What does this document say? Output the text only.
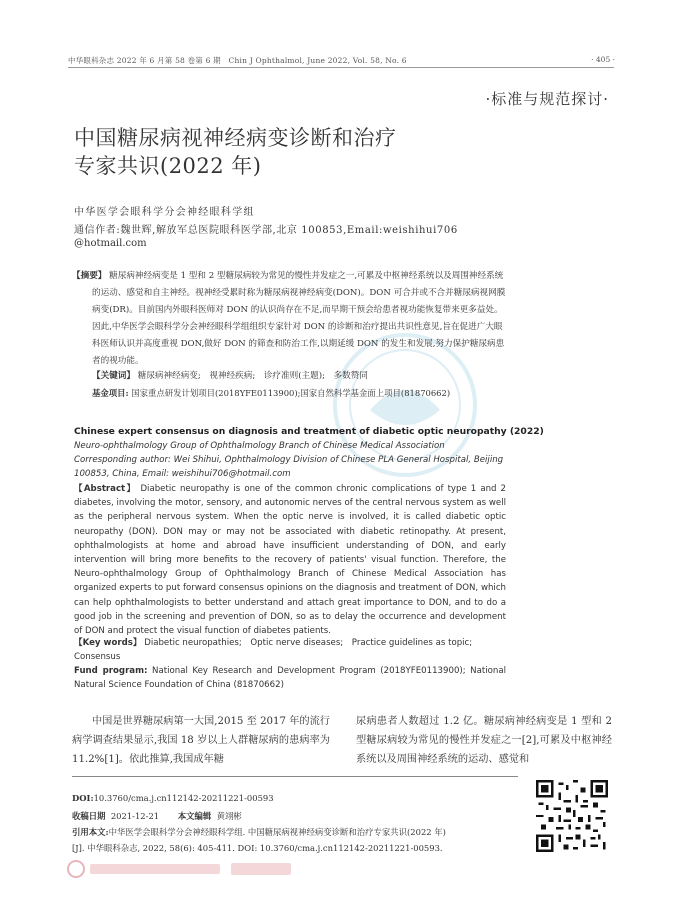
中华眼科杂志 2022 年 6 月第 58 卷第 6 期　Chin J Ophthalmol, June 2022, Vol. 58, No. 6	· 405 ·
·标准与规范探讨·
中国糖尿病视神经病变诊断和治疗
专家共识(2022 年)
中华医学会眼科学分会神经眼科学组
通信作者:魏世辉,解放军总医院眼科医学部,北京 100853,Email:weishihui706
@hotmail.com
【摘要】 糖尿病神经病变是 1 型和 2 型糖尿病较为常见的慢性并发症之一,可累及中枢神经系统以及周围神经系统的运动、感觉和自主神经。视神经受累时称为糖尿病视神经病变(DON)。DON 可合并或不合并糖尿病视网膜病变(DR)。目前国内外眼科医师对 DON 的认识尚存在不足,而早期干预会给患者视功能恢复带来更多益处。因此,中华医学会眼科学分会神经眼科学组组织专家针对 DON 的诊断和治疗提出共识性意见,旨在促进广大眼科医师认识并高度重视 DON,做好 DON 的筛查和防治工作,以期延缓 DON 的发生和发展,努力保护糖尿病患者的视功能。
【关键词】 糖尿病神经病变;　视神经疾病;　诊疗准则(主题);　多数赞同
基金项目: 国家重点研发计划项目(2018YFE0113900);国家自然科学基金面上项目(81870662)
Chinese expert consensus on diagnosis and treatment of diabetic optic neuropathy (2022)
Neuro-ophthalmology Group of Ophthalmology Branch of Chinese Medical Association
Corresponding author: Wei Shihui, Ophthalmology Division of Chinese PLA General Hospital, Beijing
100853, China, Email: weishihui706@hotmail.com
【Abstract】 Diabetic neuropathy is one of the common chronic complications of type 1 and 2 diabetes, involving the motor, sensory, and autonomic nerves of the central nervous system as well as the peripheral nervous system. When the optic nerve is involved, it is called diabetic optic neuropathy (DON). DON may or may not be associated with diabetic retinopathy. At present, ophthalmologists at home and abroad have insufficient understanding of DON, and early intervention will bring more benefits to the recovery of patients' visual function. Therefore, the Neuro-ophthalmology Group of Ophthalmology Branch of Chinese Medical Association has organized experts to put forward consensus opinions on the diagnosis and treatment of DON, which can help ophthalmologists to better understand and attach great importance to DON, and to do a good job in the screening and prevention of DON, so as to delay the occurrence and development of DON and protect the visual function of diabetes patients.
【Key words】 Diabetic neuropathies;　Optic nerve diseases;　Practice guidelines as topic;　Consensus
Fund program: National Key Research and Development Program (2018YFE0113900); National Natural Science Foundation of China (81870662)
中国是世界糖尿病第一大国,2015 至 2017 年的流行病学调查结果显示,我国 18 岁以上人群糖尿病的患病率为 11.2%[1]。依此推算,我国成年糖
尿病患者人数超过 1.2 亿。糖尿病神经病变是 1 型和 2 型糖尿病较为常见的慢性并发症之一[2],可累及中枢神经系统以及周围神经系统的运动、感觉和
DOI:10.3760/cma.j.cn112142-20211221-00593
收稿日期 2021-12-21 本文编辑 黄翊彬
引用本文:中华医学会眼科学分会神经眼科学组. 中国糖尿病视神经病变诊断和治疗专家共识(2022 年)
[J]. 中华眼科杂志, 2022, 58(6): 405-411. DOI: 10.3760/cma.j.cn112142-20211221-00593.
